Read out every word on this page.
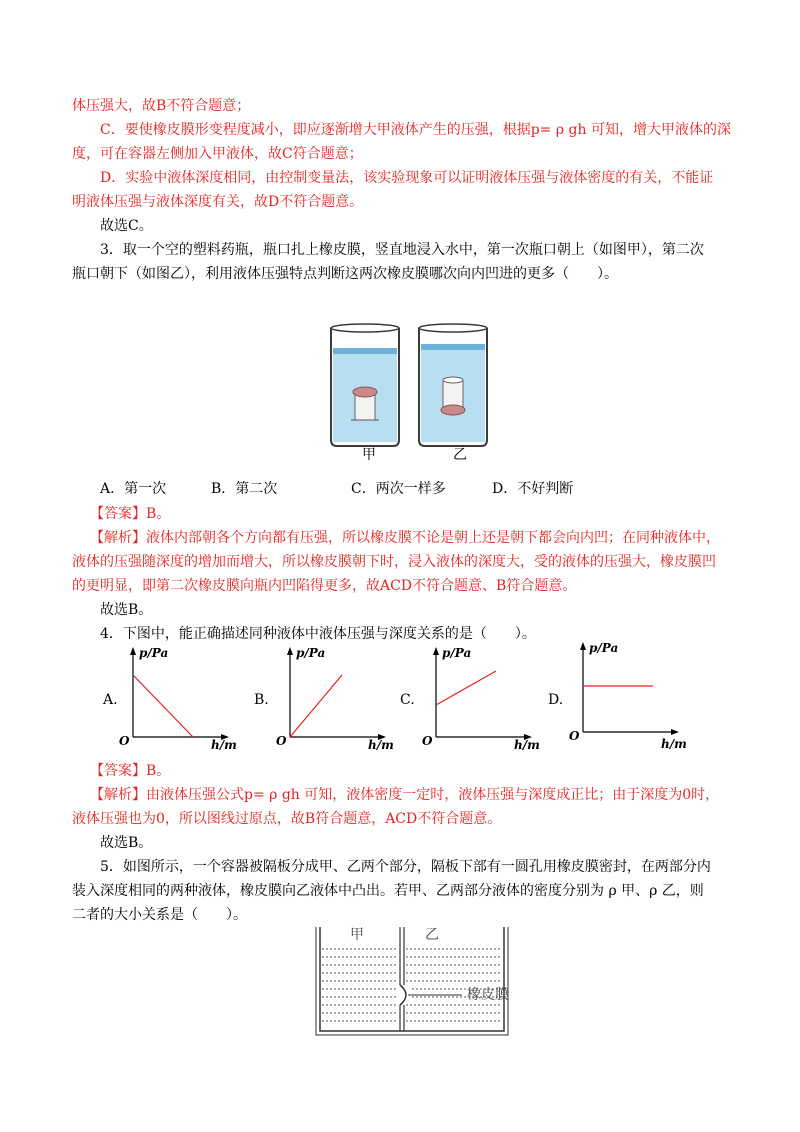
体压强大，故B不符合题意；
C．要使橡皮膜形变程度减小，即应逐渐增大甲液体产生的压强，根据p= ρ gh 可知，增大甲液体的深
度，可在容器左侧加入甲液体，故C符合题意；
D．实验中液体深度相同，由控制变量法，该实验现象可以证明液体压强与液体密度的有关，不能证
明液体压强与液体深度有关，故D不符合题意。
故选C。
3．取一个空的塑料药瓶，瓶口扎上橡皮膜，竖直地浸入水中，第一次瓶口朝上（如图甲），第二次
瓶口朝下（如图乙），利用液体压强特点判断这两次橡皮膜哪次向内凹进的更多（　　）。
甲	乙
A．第一次	B．第二次	C．两次一样多	D．不好判断
【答案】B。
【解析】液体内部朝各个方向都有压强，所以橡皮膜不论是朝上还是朝下都会向内凹；在同种液体中，
液体的压强随深度的增加而增大，所以橡皮膜朝下时，浸入液体的深度大，受的液体的压强大，橡皮膜凹
的更明显，即第二次橡皮膜向瓶内凹陷得更多，故ACD不符合题意、B符合题意。
故选B。
4．下图中，能正确描述同种液体中液体压强与深度关系的是（　　）。
A.
p/Pa
O	h/m
B.
p/Pa
O	h/m
C.
p/Pa
O	h/m
D.
p/Pa
O
h/m
【答案】B。
【解析】由液体压强公式p= ρ gh 可知，液体密度一定时，液体压强与深度成正比；由于深度为0时，
液体压强也为0，所以图线过原点，故B符合题意，ACD不符合题意。
故选B。
5．如图所示，一个容器被隔板分成甲、乙两个部分，隔板下部有一圆孔用橡皮膜密封，在两部分内
装入深度相同的两种液体，橡皮膜向乙液体中凸出。若甲、乙两部分液体的密度分别为 ρ 甲、ρ 乙，则
二者的大小关系是（　　）。
甲	乙
橡皮膜
